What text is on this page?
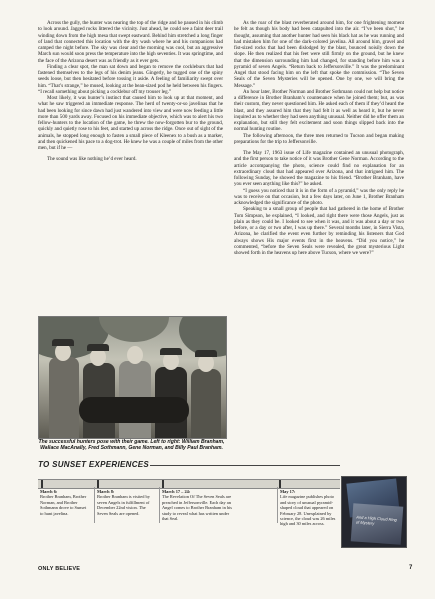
Across the gully, the hunter was nearing the top of the ridge and he paused in his climb to look around. Jagged rocks littered the vicinity. Just ahead, he could see a faint deer trail winding down from the high mesa that swept eastward. Behind him stretched a long finger of land that connected this location with the dry wash where he and his companions had camped the night before. The sky was clear and the morning was cool, but an aggressive March sun would soon press the temperature into the high seventies. It was springtime, and the face of the Arizona desert was as friendly as it ever gets.

Finding a clear spot, the man sat down and began to remove the cockleburs that had fastened themselves to the legs of his denim jeans. Gingerly, he tugged one of the spiny seeds loose, but then hesitated before tossing it aside. A feeling of familiarity swept over him. “That’s strange,” he mused, looking at the bean-sized pod he held between his fingers. “I recall something about picking a cocklebur off my trouser leg.”

Most likely, it was hunter’s instinct that caused him to look up at that moment, and what he saw triggered an immediate response. The herd of twenty-or-so javelinas that he had been looking for since dawn had just wandered into view and were now feeding a little more than 500 yards away. Focused on his immediate objective, which was to alert his two fellow-hunters to the location of the game, he threw the now-forgotten bur to the ground, quickly and quietly rose to his feet, and started up across the ridge. Once out of sight of the animals, he stopped long enough to fasten a small piece of Kleenex to a bush as a marker, and then quickened his pace to a dog-trot. He knew he was a couple of miles from the other men, but if he —

The sound was like nothing he’d ever heard.

The successful hunters pose with their game. Left to right: William Branham, Wallace MacAnally, Fred Sothmann, Gene Norman, and Billy Paul Branham.

As the roar of the blast reverberated around him, for one frightening moment he felt as though his body had been catapulted into the air. “I’ve been shot,” he thought, assuming that another hunter had seen his black hat as he was running and had mistaken him for one of the dark-colored javelina. All around him, gravel and fist-sized rocks that had been dislodged by the blast, bounced noisily down the slope. He then realized that his feet were still firmly on the ground, but he knew that the dimension surrounding him had changed, for standing before him was a pyramid of seven Angels. “Return back to Jeffersonville.” It was the predominant Angel that stood facing him on the left that spoke the commission. “The Seven Seals of the Seven Mysteries will be opened. One by one, we will bring the Message.”

An hour later, Brother Norman and Brother Sothmann could not help but notice a difference in Brother Branham’s countenance when he joined them; but, as was their custom, they never questioned him. He asked each of them if they’d heard the blast, and they assured him that they had felt it as well as heard it, but he never inquired as to whether they had seen anything unusual. Neither did he offer them an explanation, but still they felt excitement and soon things slipped back into the normal hunting routine.

The following afternoon, the three men returned to Tucson and began making preparations for the trip to Jeffersonville.

The May 17, 1963 issue of Life magazine contained an unusual photograph, and the first person to take notice of it was Brother Gene Norman. According to the article accompanying the photo, science could find no explanation for an extraordinary cloud that had appeared over Arizona, and that intrigued him. The following Sunday, he showed the magazine to his friend. “Brother Branham, have you ever seen anything like this?” he asked.

“I guess you noticed that it is in the form of a pyramid,” was the only reply he was to receive on that occasion, but a few days later, on June 1, Brother Branham acknowledged the significance of the photo.

Speaking to a small group of people that had gathered in the home of Brother Tom Simpson, he explained, “I looked, and right there were those Angels, just as plain as they could be. I looked to see when it was, and it was about a day or two before, or a day or two after, I was up there.” Several months later, in Sierra Vista, Arizona, he clarified the event even further by reminding his listeners that God always shows His major events first in the heavens. “Did you notice,” he commented, “before the Seven Seals were revealed, the great mysterious Light showed forth in the heavens up here above Tucson, where we were?”

And a High Cloud Ring of Mystery
TO SUNSET EXPERIENCES
March 6:
Brother Branham, Brother Norman, and Brother Sothmann drove to Sunset to hunt javelina.
March 8:
Brother Branham is visited by seven Angels in fulfillment of December 22nd vision. The Seven Seals are opened.
March 17 – 24:
The Revelation Of The Seven Seals are preached in Jeffersonville. Each day an Angel comes to Brother Branham in his study to reveal what has written under that Seal.
May 17:
Life magazine publishes photo and story of unusual pyramid-shaped cloud that appeared on February 28. Unexplained by science, the cloud was 26 miles high and 30 miles across.
ONLY BELIEVE	7
